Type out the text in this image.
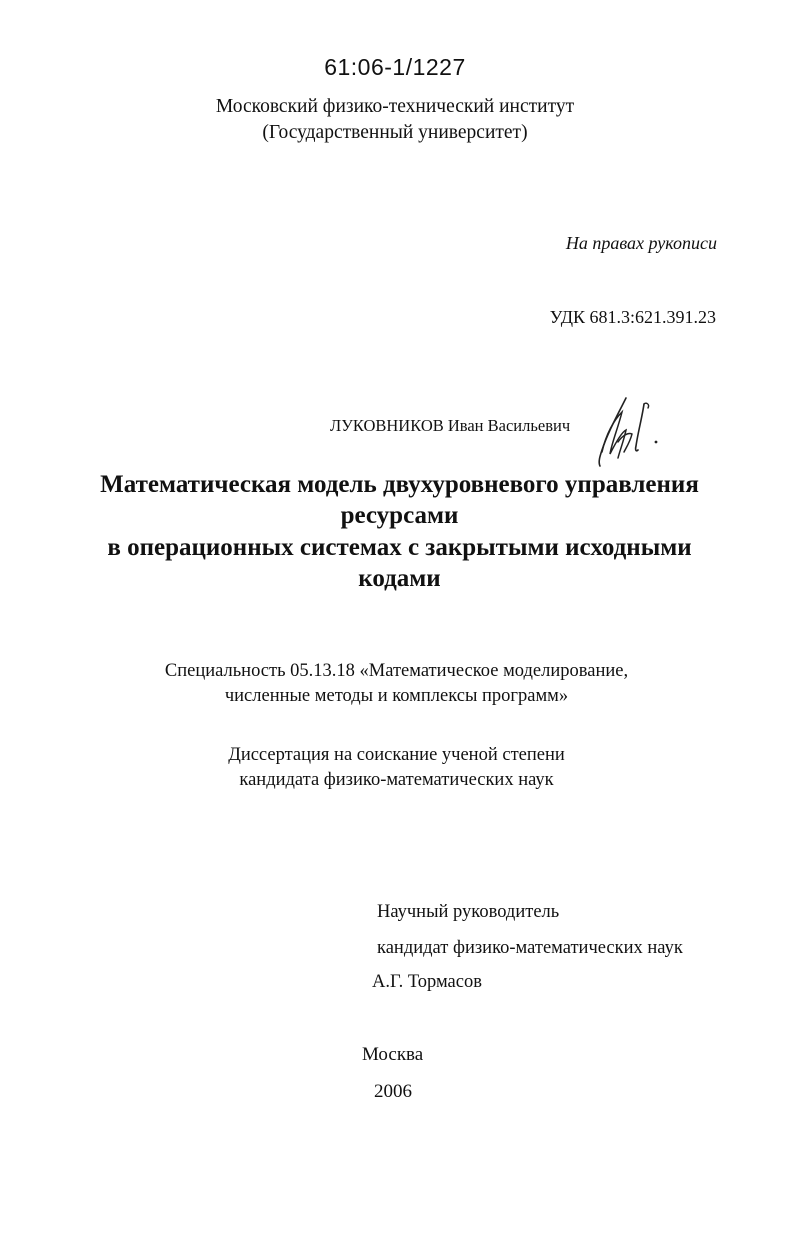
61:06-1/1227
Московский физико-технический институт
(Государственный университет)
На правах рукописи
УДК 681.3:621.391.23
ЛУКОВНИКОВ Иван Васильевич
Математическая модель двухуровневого управления
ресурсами
в операционных системах с закрытыми исходными
кодами
Специальность 05.13.18 «Математическое моделирование,
численные методы и комплексы программ»
Диссертация на соискание ученой степени
кандидата физико-математических наук
Научный руководитель
кандидат физико-математических наук
А.Г. Тормасов
Москва
2006
